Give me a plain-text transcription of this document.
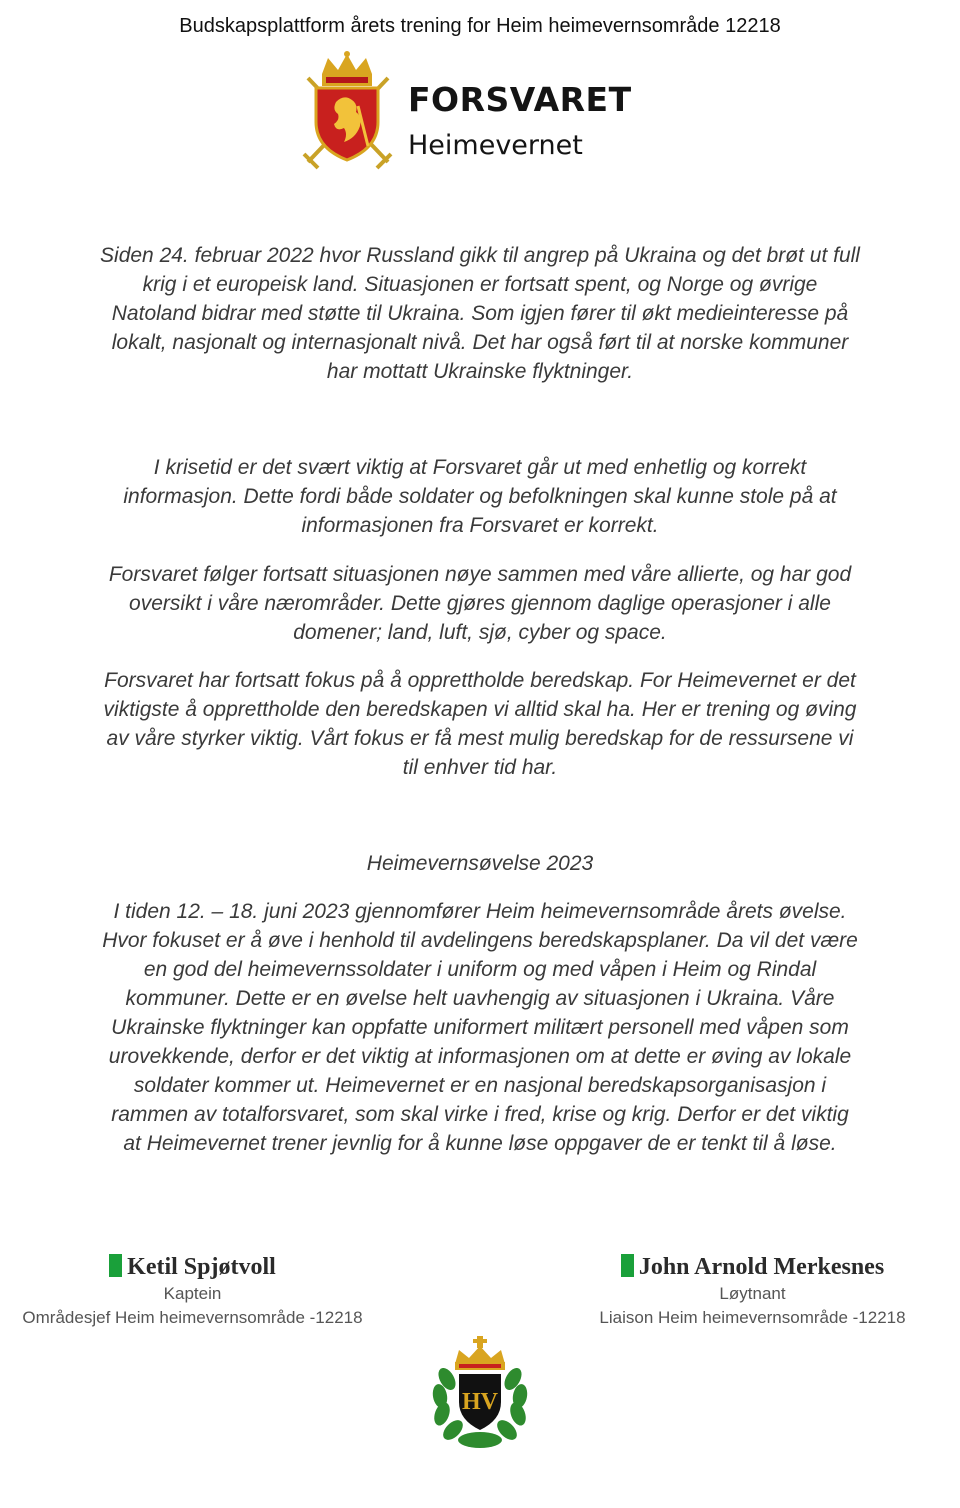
Budskapsplattform årets trening for Heim heimevernsområde 12218
FORSVARET
Heimevernet

Siden 24. februar 2022 hvor Russland gikk til angrep på Ukraina og det brøt ut full krig i et europeisk land. Situasjonen er fortsatt spent, og Norge og øvrige Natoland bidrar med støtte til Ukraina. Som igjen fører til økt medieinteresse på lokalt, nasjonalt og internasjonalt nivå. Det har også ført til at norske kommuner har mottatt Ukrainske flyktninger.

I krisetid er det svært viktig at Forsvaret går ut med enhetlig og korrekt informasjon. Dette fordi både soldater og befolkningen skal kunne stole på at informasjonen fra Forsvaret er korrekt.

Forsvaret følger fortsatt situasjonen nøye sammen med våre allierte, og har god oversikt i våre nærområder. Dette gjøres gjennom daglige operasjoner i alle domener; land, luft, sjø, cyber og space.

Forsvaret har fortsatt fokus på å opprettholde beredskap. For Heimevernet er det viktigste å opprettholde den beredskapen vi alltid skal ha. Her er trening og øving av våre styrker viktig. Vårt fokus er få mest mulig beredskap for de ressursene vi til enhver tid har.

Heimevernsøvelse 2023

I tiden 12. – 18. juni 2023 gjennomfører Heim heimevernsområde årets øvelse. Hvor fokuset er å øve i henhold til avdelingens beredskapsplaner. Da vil det være en god del heimevernssoldater i uniform og med våpen i Heim og Rindal kommuner. Dette er en øvelse helt uavhengig av situasjonen i Ukraina. Våre Ukrainske flyktninger kan oppfatte uniformert militært personell med våpen som urovekkende, derfor er det viktig at informasjonen om at dette er øving av lokale soldater kommer ut. Heimevernet er en nasjonal beredskapsorganisasjon i rammen av totalforsvaret, som skal virke i fred, krise og krig. Derfor er det viktig at Heimevernet trener jevnlig for å kunne løse oppgaver de er tenkt til å løse.

Ketil Spjøtvoll
Kaptein
Områdesjef Heim heimevernsområde -12218
John Arnold Merkesnes
Løytnant
Liaison Heim heimevernsområde -12218
HV
